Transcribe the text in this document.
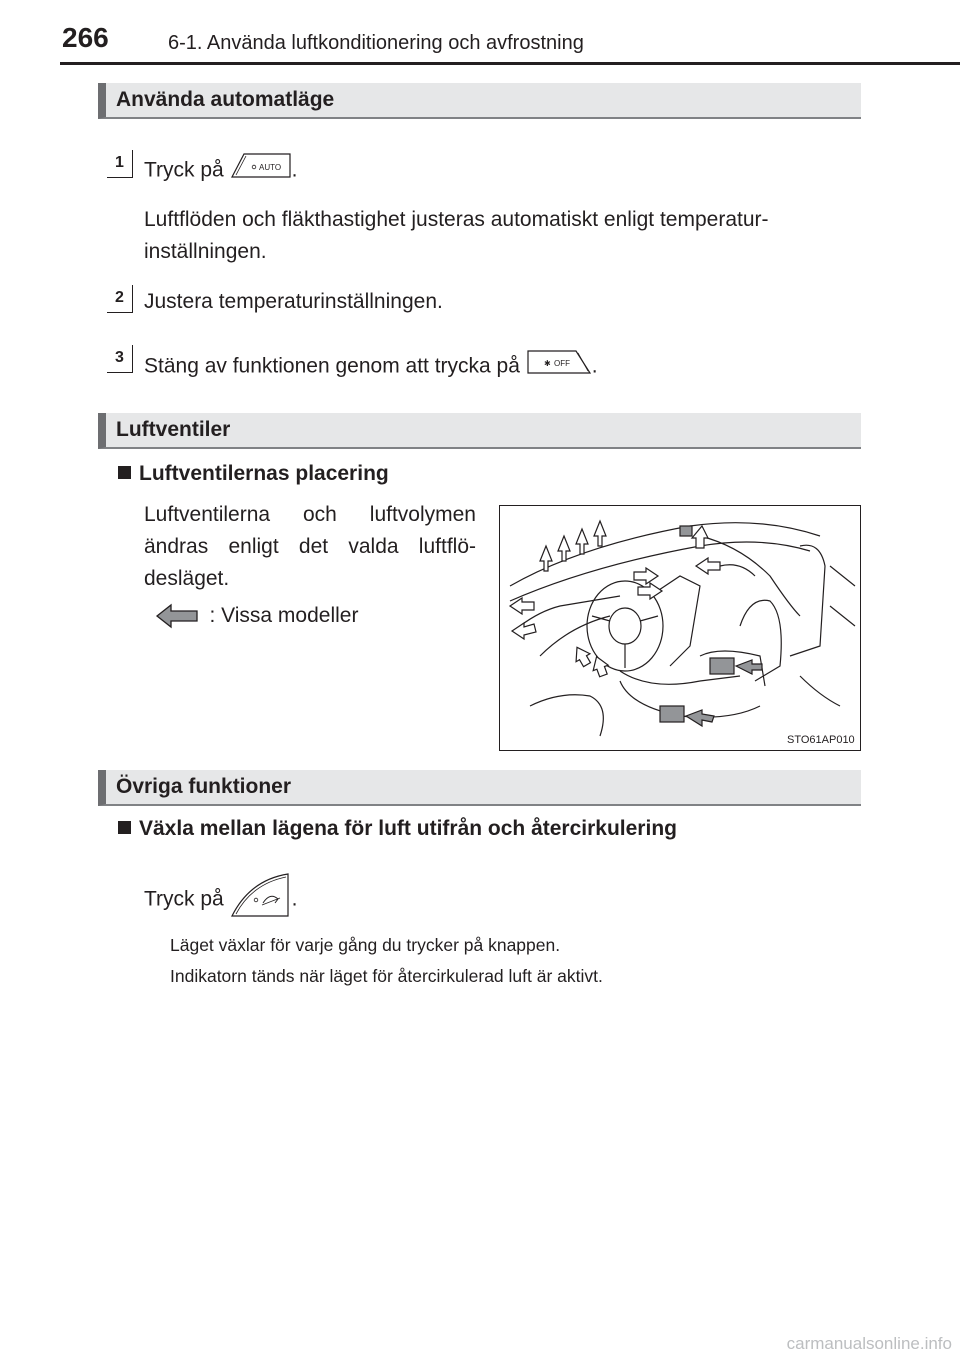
266	6-1. Använda luftkonditionering och avfrostning
Använda automatläge
1 Tryck på	AUTO .
Luftflöden och fläkthastighet justeras automatiskt enligt temperatur-inställningen.
2 Justera temperaturinställningen.
3 Stäng av funktionen genom att trycka på	✱ OFF .
Luftventiler
Luftventilernas placering
Luftventilerna och luftvolymen ändras enligt det valda luftflö-desläget.
: Vissa modeller
STO61AP010
Övriga funktioner
Växla mellan lägena för luft utifrån och återcirkulering
Tryck på	.
Läget växlar för varje gång du trycker på knappen.
Indikatorn tänds när läget för återcirkulerad luft är aktivt.
carmanualsonline.info
